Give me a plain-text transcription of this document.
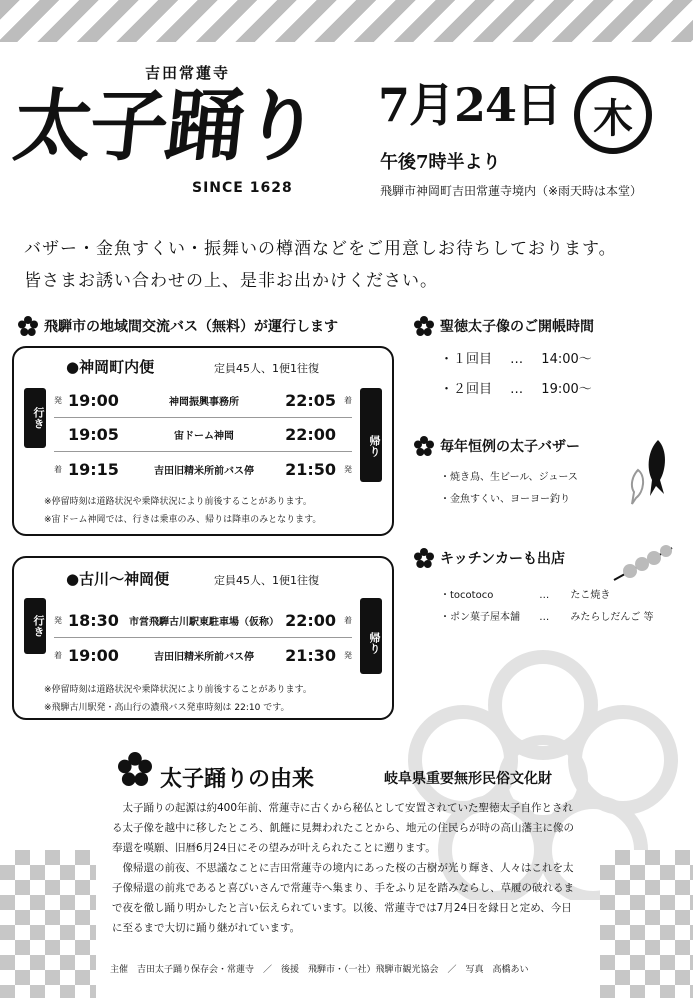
吉田常蓮寺
太子踊り
SINCE 1628
7月24日 木
午後7時半より
飛騨市神岡町吉田常蓮寺境内（※雨天時は本堂）
バザー・金魚すくい・振舞いの樽酒などをご用意しお待ちしております。
皆さまお誘い合わせの上、是非お出かけください。
飛騨市の地域間交流バス（無料）が運行します
●神岡町内便	定員45人、1便1往復
行き
帰り
発 19:00	神岡振興事務所	22:05	着
19:05	宙ドーム神岡	22:00
着 19:15	吉田旧精米所前バス停	21:50	発
※停留時刻は道路状況や乗降状況により前後することがあります。
※宙ドーム神岡では、行きは乗車のみ、帰りは降車のみとなります。
●古川～神岡便	定員45人、1便1往復
行き
帰り
発 18:30	市営飛騨古川駅東駐車場（仮称） 22:00	着
着 19:00	吉田旧精米所前バス停	21:30	発
※停留時刻は道路状況や乗降状況により前後することがあります。
※飛騨古川駅発・高山行の濃飛バス発車時刻は 22:10 です。
聖徳太子像のご開帳時間
・１回目 … 14:00～
・２回目 … 19:00～
毎年恒例の太子バザー
・焼き鳥、生ビール、ジュース
・金魚すくい、ヨーヨー釣り
キッチンカーも出店
・tocotoco	… たこ焼き
・ポン菓子屋本舗 … みたらしだんご 等
太子踊りの由来	岐阜県重要無形民俗文化財

太子踊りの起源は約400年前、常蓮寺に古くから秘仏として安置されていた聖徳太子自作とされる太子像を越中に移したところ、飢饉に見舞われたことから、地元の住民らが時の高山藩主に像の奉還を嘆願、旧暦6月24日にその望みが叶えられたことに遡ります。

像帰還の前夜、不思議なことに吉田常蓮寺の境内にあった桜の古樹が光り輝き、人々はこれを太子像帰還の前兆であると喜びいさんで常蓮寺へ集まり、手をふり足を踏みならし、草履の破れるまで夜を徹し踊り明かしたと言い伝えられています。以後、常蓮寺では7月24日を縁日と定め、今日に至るまで大切に踊り継がれています。

主催　吉田太子踊り保存会・常蓮寺　／　後援　飛騨市・（一社）飛騨市観光協会　／　写真　高橋あい
